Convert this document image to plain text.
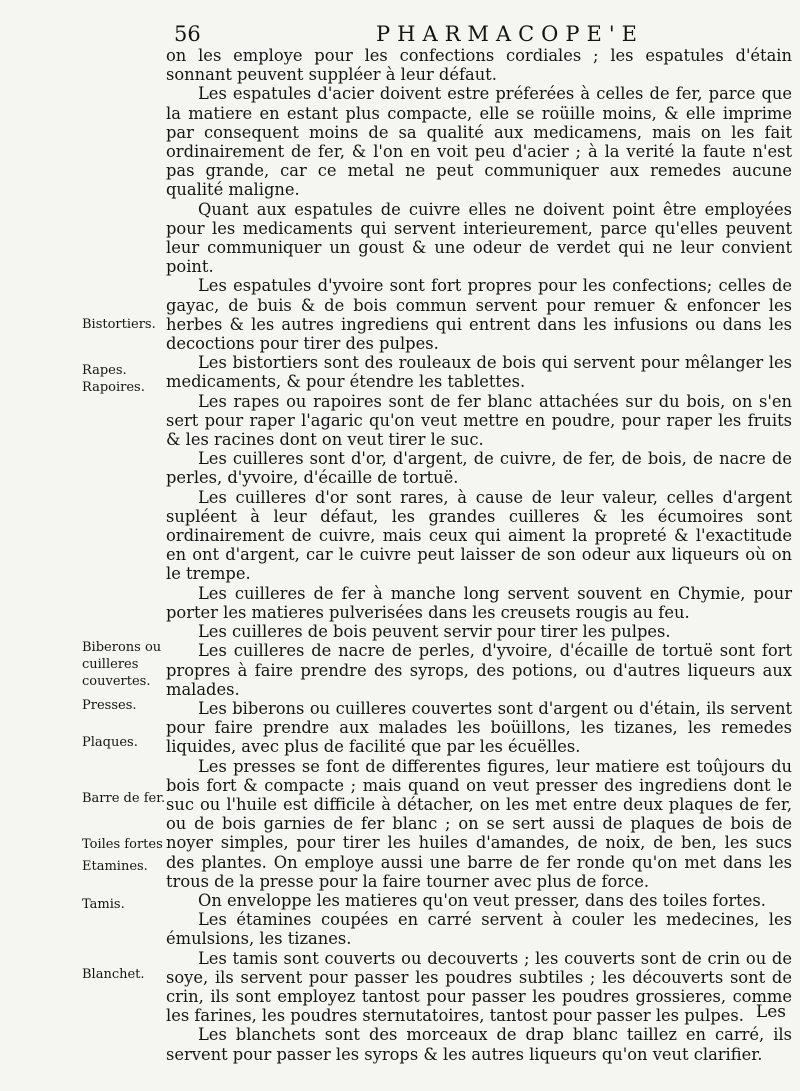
56	PHARMACOPE'E

on les employe pour les confections cordiales ; les espatules d'étain sonnant peuvent suppléer à leur défaut.

Les espatules d'acier doivent estre préferées à celles de fer, parce que la matiere en estant plus compacte, elle se roüille moins, & elle imprime par consequent moins de sa qualité aux medicamens, mais on les fait ordinairement de fer, & l'on en voit peu d'acier ; à la verité la faute n'est pas grande, car ce metal ne peut communiquer aux remedes aucune qualité maligne.

Quant aux espatules de cuivre elles ne doivent point être employées pour les medicaments qui servent interieurement, parce qu'elles peuvent leur communiquer un goust & une odeur de verdet qui ne leur convient point.

Les espatules d'yvoire sont fort propres pour les confections; celles de gayac, de buis & de bois commun servent pour remuer & enfoncer les herbes & les autres ingrediens qui entrent dans les infusions ou dans les decoctions pour tirer des pulpes.

Les bistortiers sont des rouleaux de bois qui servent pour mêlanger les medicaments, & pour étendre les tablettes.

Les rapes ou rapoires sont de fer blanc attachées sur du bois, on s'en sert pour raper l'agaric qu'on veut mettre en poudre, pour raper les fruits & les racines dont on veut tirer le suc.

Les cuilleres sont d'or, d'argent, de cuivre, de fer, de bois, de nacre de perles, d'yvoire, d'écaille de tortuë.

Les cuilleres d'or sont rares, à cause de leur valeur, celles d'argent supléent à leur défaut, les grandes cuilleres & les écumoires sont ordinairement de cuivre, mais ceux qui aiment la propreté & l'exactitude en ont d'argent, car le cuivre peut laisser de son odeur aux liqueurs où on le trempe.

Les cuilleres de fer à manche long servent souvent en Chymie, pour porter les matieres pulverisées dans les creusets rougis au feu.

Les cuilleres de bois peuvent servir pour tirer les pulpes.

Les cuilleres de nacre de perles, d'yvoire, d'écaille de tortuë sont fort propres à faire prendre des syrops, des potions, ou d'autres liqueurs aux malades.

Les biberons ou cuilleres couvertes sont d'argent ou d'étain, ils servent pour faire prendre aux malades les boüillons, les tizanes, les remedes liquides, avec plus de facilité que par les écuëlles.

Les presses se font de differentes figures, leur matiere est toûjours du bois fort & compacte ; mais quand on veut presser des ingrediens dont le suc ou l'huile est difficile à détacher, on les met entre deux plaques de fer, ou de bois garnies de fer blanc ; on se sert aussi de plaques de bois de noyer simples, pour tirer les huiles d'amandes, de noix, de ben, les sucs des plantes. On employe aussi une barre de fer ronde qu'on met dans les trous de la presse pour la faire tourner avec plus de force.

On enveloppe les matieres qu'on veut presser, dans des toiles fortes.

Les étamines coupées en carré servent à couler les medecines, les émulsions, les tizanes.

Les tamis sont couverts ou decouverts ; les couverts sont de crin ou de soye, ils servent pour passer les poudres subtiles ; les découverts sont de crin, ils sont employez tantost pour passer les poudres grossieres, comme les farines, les poudres sternutatoires, tantost pour passer les pulpes.

Les blanchets sont des morceaux de drap blanc taillez en carré, ils servent pour passer les syrops & les autres liqueurs qu'on veut clarifier.

Bistortiers.
Rapes.
Rapoires.
Biberons ou cuilleres couvertes.
Presses.
Plaques.
Barre de fer.
Toiles fortes
Etamines.
Tamis.
Blanchet.
Les
